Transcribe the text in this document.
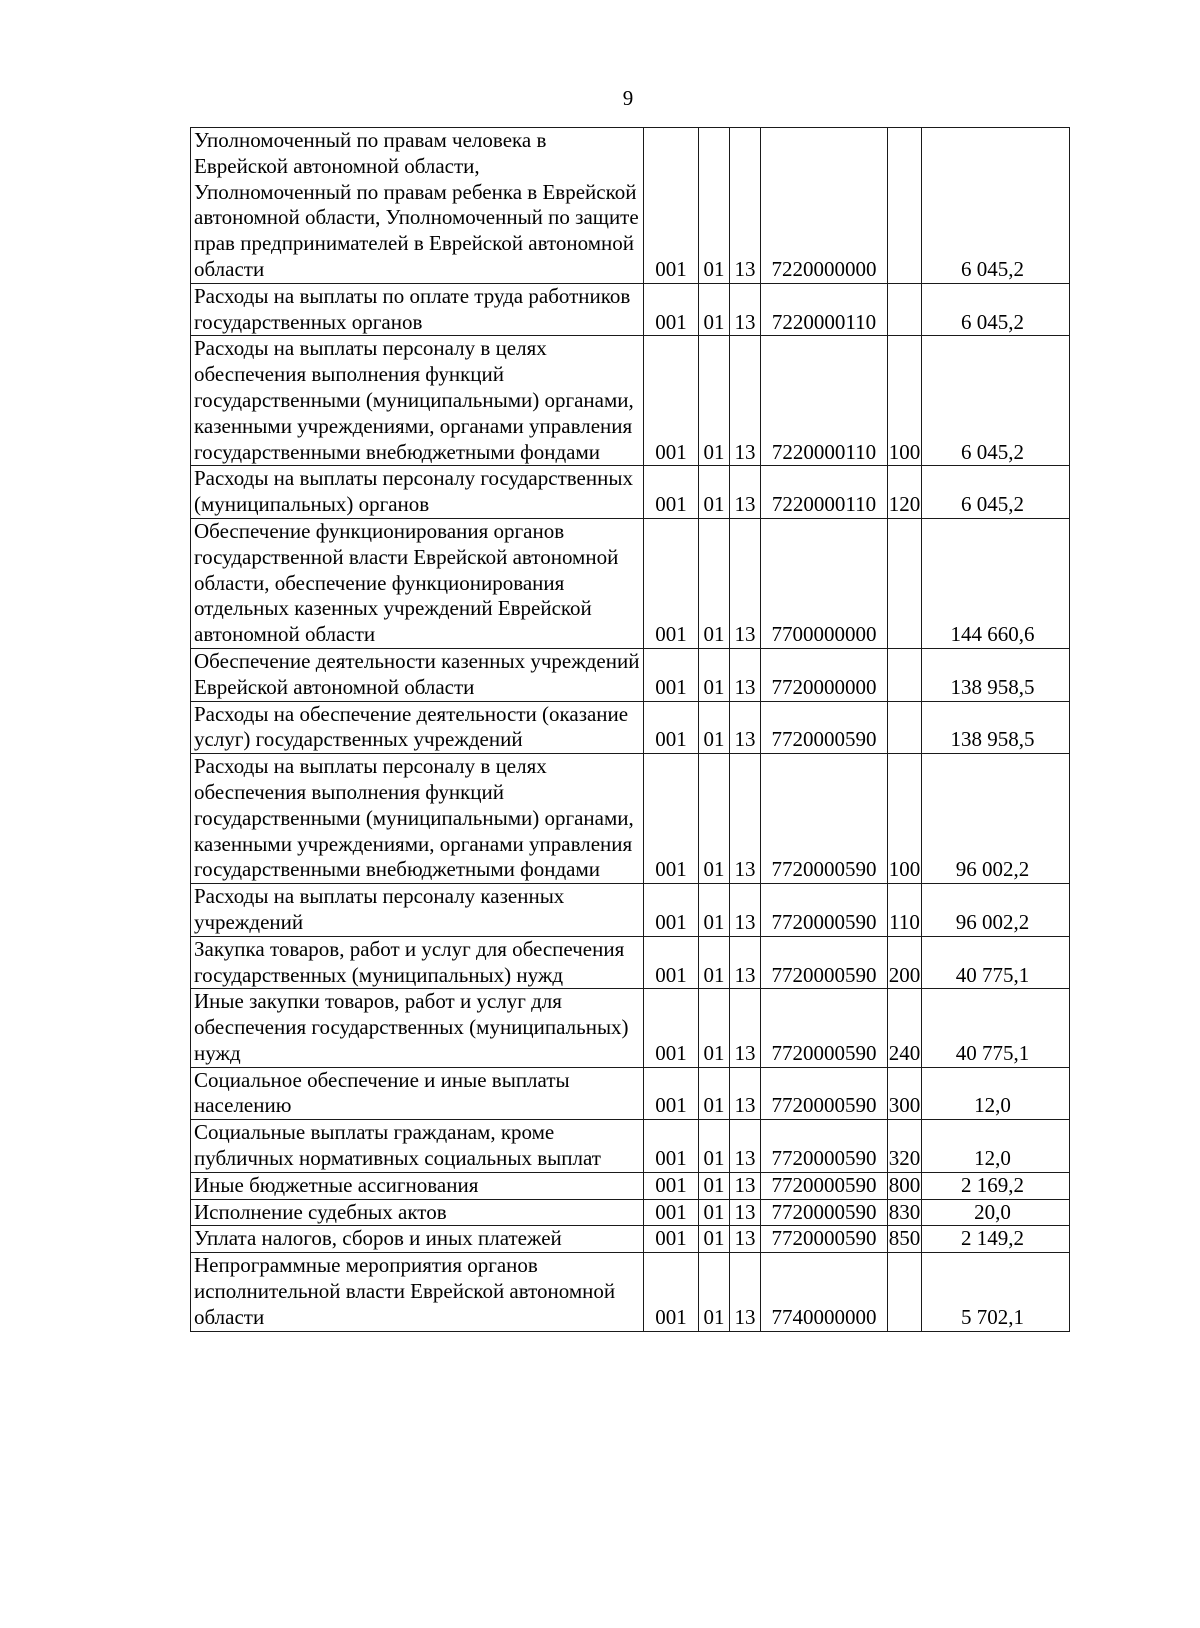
9
Уполномоченный по правам человека в Еврейской автономной области, Уполномоченный по правам ребенка в Еврейской автономной области, Уполномоченный по защите прав предпринимателей в Еврейской автономной области	001	01	13	7220000000		6 045,2
Расходы на выплаты по оплате труда работников государственных органов	001	01	13	7220000110		6 045,2
Расходы на выплаты персоналу в целях обеспечения выполнения функций государственными (муниципальными) органами, казенными учреждениями, органами управления государственными внебюджетными фондами	001	01	13	7220000110	100	6 045,2
Расходы на выплаты персоналу государственных (муниципальных) органов	001	01	13	7220000110	120	6 045,2
Обеспечение функционирования органов государственной власти Еврейской автономной области, обеспечение функционирования отдельных казенных учреждений Еврейской автономной области	001	01	13	7700000000		144 660,6
Обеспечение деятельности казенных учреждений Еврейской автономной области	001	01	13	7720000000		138 958,5
Расходы на обеспечение деятельности (оказание услуг) государственных учреждений	001	01	13	7720000590		138 958,5
Расходы на выплаты персоналу в целях обеспечения выполнения функций государственными (муниципальными) органами, казенными учреждениями, органами управления государственными внебюджетными фондами	001	01	13	7720000590	100	96 002,2
Расходы на выплаты персоналу казенных учреждений	001	01	13	7720000590	110	96 002,2
Закупка товаров, работ и услуг для обеспечения государственных (муниципальных) нужд	001	01	13	7720000590	200	40 775,1
Иные закупки товаров, работ и услуг для обеспечения государственных (муниципальных) нужд	001	01	13	7720000590	240	40 775,1
Социальное обеспечение и иные выплаты населению	001	01	13	7720000590	300	12,0
Социальные выплаты гражданам, кроме публичных нормативных социальных выплат	001	01	13	7720000590	320	12,0
Иные бюджетные ассигнования	001	01	13	7720000590	800	2 169,2
Исполнение судебных актов	001	01	13	7720000590	830	20,0
Уплата налогов, сборов и иных платежей	001	01	13	7720000590	850	2 149,2
Непрограммные мероприятия органов исполнительной власти Еврейской автономной области	001	01	13	7740000000		5 702,1
